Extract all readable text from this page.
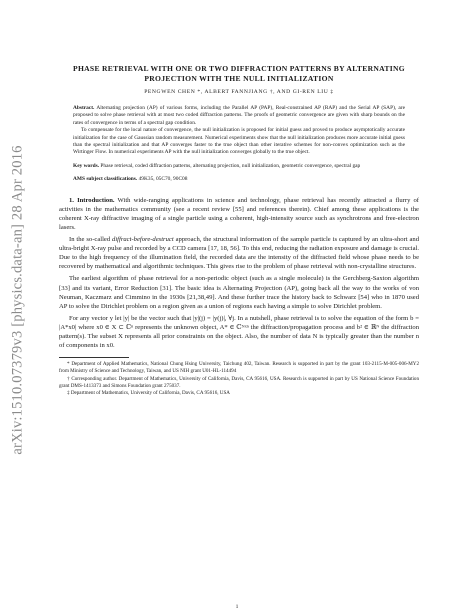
arXiv:1510.07379v3 [physics.data-an] 28 Apr 2016
PHASE RETRIEVAL WITH ONE OR TWO DIFFRACTION PATTERNS BY ALTERNATING PROJECTION WITH THE NULL INITIALIZATION
PENGWEN CHEN *, ALBERT FANNJIANG †, AND GI-REN LIU ‡

Abstract. Alternating projection (AP) of various forms, including the Parallel AP (PAP), Real-constrained AP (RAP) and the Serial AP (SAP), are proposed to solve phase retrieval with at most two coded diffraction patterns. The proofs of geometric convergence are given with sharp bounds on the rates of convergence in terms of a spectral gap condition.

To compensate for the local nature of convergence, the null initialization is proposed for initial guess and proved to produce asymptotically accurate initialization for the case of Gaussian random measurement. Numerical experiments show that the null initialization produces more accurate initial guess than the spectral initialization and that AP converges faster to the true object than other iterative schemes for non-convex optimization such as the Wirtinger Flow. In numerical experiments AP with the null initialization converges globally to the true object.

Key words. Phase retrieval, coded diffraction patterns, alternating projection, null initialization, geometric convergence, spectral gap
AMS subject classifications. 49K35, 05C70, 90C08

1. Introduction. With wide-ranging applications in science and technology, phase retrieval has recently attracted a flurry of activities in the mathematics community (see a recent review [55] and references therein). Chief among these applications is the coherent X-ray diffractive imaging of a single particle using a coherent, high-intensity source such as synchrotrons and free-electron lasers.

In the so-called diffract-before-destruct approach, the structural information of the sample particle is captured by an ultra-short and ultra-bright X-ray pulse and recorded by a CCD camera [17, 18, 56]. To this end, reducing the radiation exposure and damage is crucial. Due to the high frequency of the illumination field, the recorded data are the intensity of the diffracted field whose phase needs to be recovered by mathematical and algorithmic techniques. This gives rise to the problem of phase retrieval with non-crystalline structures.

The earliest algorithm of phase retrieval for a non-periodic object (such as a single molecule) is the Gerchberg-Saxton algorithm [33] and its variant, Error Reduction [31]. The basic idea is Alternating Projection (AP), going back all the way to the works of von Neuman, Kaczmarz and Cimmino in the 1930s [21,38,49]. And these further trace the history back to Schwarz [54] who in 1870 used AP to solve the Dirichlet problem on a region given as a union of regions each having a simple to solve Dirichlet problem.

For any vector y let |y| be the vector such that |y|(j) = |y(j)|, ∀j. In a nutshell, phase retrieval is to solve the equation of the form b = |A*x0| where x0 ∈ X ⊂ ℂⁿ represents the unknown object, A* ∈ ℂᴺˣⁿ the diffraction/propagation process and b² ∈ ℝᴺ the diffraction pattern(s). The subset X represents all prior constraints on the object. Also, the number of data N is typically greater than the number n of components in x0.

* Department of Applied Mathematics, National Chung Hsing University, Taichung 402, Taiwan. Research is supported in part by the grant 103-2115-M-005-006-MY2 from Ministry of Science and Technology, Taiwan, and US NIH grant U01-HL-114494

† Corresponding author. Department of Mathematics, University of California, Davis, CA 95616, USA. Research is supported in part by US National Science Foundation grant DMS-1413373 and Simons Foundation grant 275037.

‡ Department of Mathematics, University of California, Davis, CA 95616, USA

1
